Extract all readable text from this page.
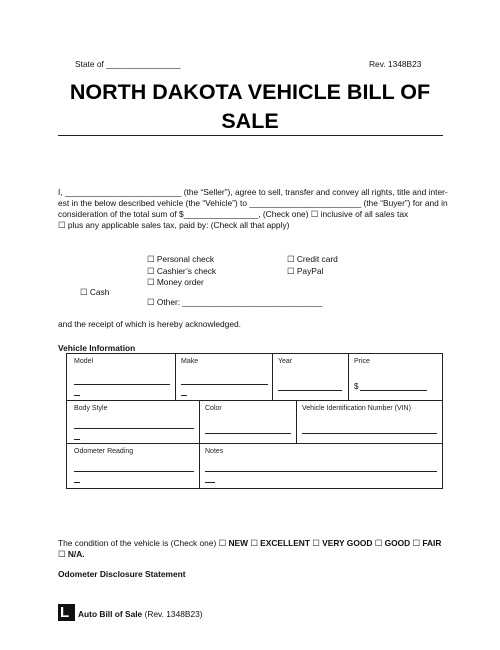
State of ________________	Rev. 1348B23
NORTH DAKOTA VEHICLE BILL OF
SALE
I, _________________________ (the “Seller”), agree to sell, transfer and convey all rights, title and inter-
est in the below described vehicle (the “Vehicle”) to ________________________ (the “Buyer”) for and in
consideration of the total sum of $________________, (Check one) ☐ inclusive of all sales tax
☐ plus any applicable sales tax, paid by: (Check all that apply)
☐ Personal check
☐ Cashier’s check
☐ Money order
☐ Credit card
☐ PayPal
☐ Cash
☐ Other: ______________________________
and the receipt of which is hereby acknowledged.
Vehicle Information
Model	Make	Year	Price
$
Body Style	Color	Vehicle Identification Number (VIN)
Odometer Reading	Notes
The condition of the vehicle is (Check one) ☐ NEW ☐ EXCELLENT ☐ VERY GOOD ☐ GOOD ☐ FAIR
☐ N/A.
Odometer Disclosure Statement
L Auto Bill of Sale (Rev. 1348B23)
